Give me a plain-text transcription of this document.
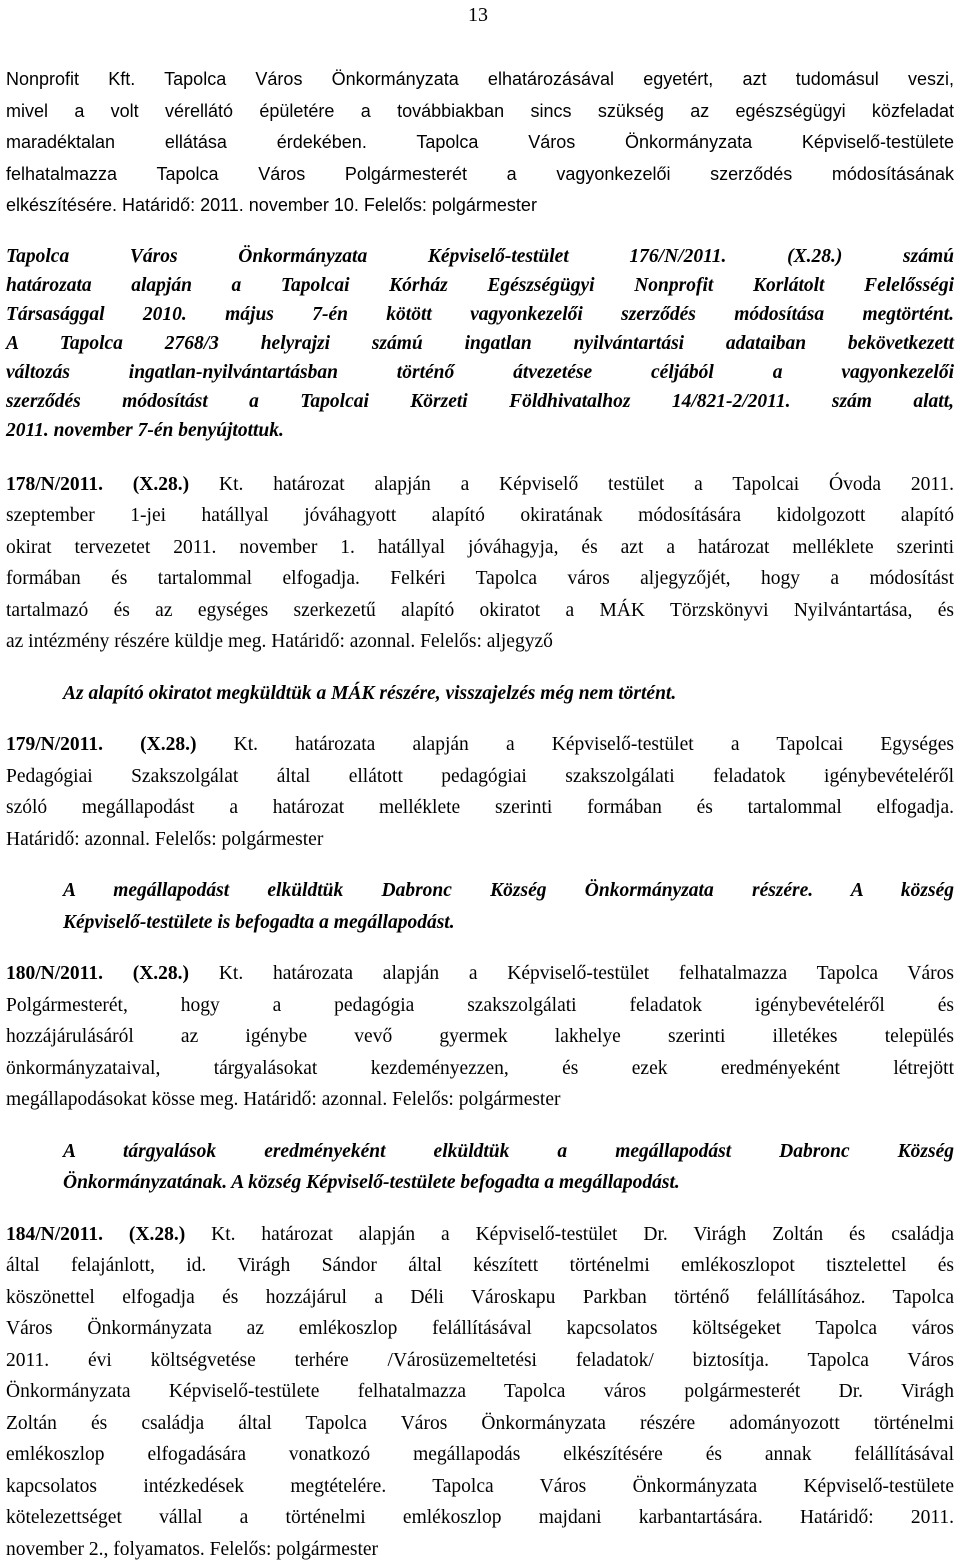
13

Nonprofit Kft. Tapolca Város Önkormányzata elhatározásával egyetért, azt tudomásul veszi,

mivel a volt vérellátó épületére a továbbiakban sincs szükség az egészségügyi közfeladat

maradéktalan ellátása érdekében. Tapolca Város Önkormányzata Képviselő-testülete

felhatalmazza Tapolca Város Polgármesterét a vagyonkezelői szerződés módosításának

elkészítésére. Határidő: 2011. november 10. Felelős: polgármester

Tapolca Város Önkormányzata Képviselő-testület 176/N/2011. (X.28.) számú

határozata alapján a Tapolcai Kórház Egészségügyi Nonprofit Korlátolt Felelősségi

Társasággal 2010. május 7-én kötött vagyonkezelői szerződés módosítása megtörtént.

A Tapolca 2768/3 helyrajzi számú ingatlan nyilvántartási adataiban bekövetkezett

változás ingatlan-nyilvántartásban történő átvezetése céljából a vagyonkezelői

szerződés módosítást a Tapolcai Körzeti Földhivatalhoz 14/821-2/2011. szám alatt,

2011. november 7-én benyújtottuk.

178/N/2011. (X.28.) Kt. határozat alapján a Képviselő testület a Tapolcai Óvoda 2011.

szeptember 1-jei hatállyal jóváhagyott alapító okiratának módosítására kidolgozott alapító

okirat tervezetet 2011. november 1. hatállyal jóváhagyja, és azt a határozat melléklete szerinti

formában és tartalommal elfogadja. Felkéri Tapolca város aljegyzőjét, hogy a módosítást

tartalmazó és az egységes szerkezetű alapító okiratot a MÁK Törzskönyvi Nyilvántartása, és

az intézmény részére küldje meg. Határidő: azonnal. Felelős: aljegyző

Az alapító okiratot megküldtük a MÁK részére, visszajelzés még nem történt.

179/N/2011. (X.28.) Kt. határozata alapján a Képviselő-testület a Tapolcai Egységes

Pedagógiai Szakszolgálat által ellátott pedagógiai szakszolgálati feladatok igénybevételéről

szóló megállapodást a határozat melléklete szerinti formában és tartalommal elfogadja.

Határidő: azonnal. Felelős: polgármester

A megállapodást elküldtük Dabronc Község Önkormányzata részére. A község

Képviselő-testülete is befogadta a megállapodást.

180/N/2011. (X.28.) Kt. határozata alapján a Képviselő-testület felhatalmazza Tapolca Város

Polgármesterét, hogy a pedagógia szakszolgálati feladatok igénybevételéről és

hozzájárulásáról az igénybe vevő gyermek lakhelye szerinti illetékes település

önkormányzataival, tárgyalásokat kezdeményezzen, és ezek eredményeként létrejött

megállapodásokat kösse meg. Határidő: azonnal. Felelős: polgármester

A tárgyalások eredményeként elküldtük a megállapodást Dabronc Község

Önkormányzatának. A község Képviselő-testülete befogadta a megállapodást.

184/N/2011. (X.28.) Kt. határozat alapján a Képviselő-testület Dr. Virágh Zoltán és családja

által felajánlott, id. Virágh Sándor által készített történelmi emlékoszlopot tisztelettel és

köszönettel elfogadja és hozzájárul a Déli Városkapu Parkban történő felállításához. Tapolca

Város Önkormányzata az emlékoszlop felállításával kapcsolatos költségeket Tapolca város

2011. évi költségvetése terhére /Városüzemeltetési feladatok/ biztosítja. Tapolca Város

Önkormányzata Képviselő-testülete felhatalmazza Tapolca város polgármesterét Dr. Virágh

Zoltán és családja által Tapolca Város Önkormányzata részére adományozott történelmi

emlékoszlop elfogadására vonatkozó megállapodás elkészítésére és annak felállításával

kapcsolatos intézkedések megtételére. Tapolca Város Önkormányzata Képviselő-testülete

kötelezettséget vállal a történelmi emlékoszlop majdani karbantartására. Határidő: 2011.

november 2., folyamatos. Felelős: polgármester
